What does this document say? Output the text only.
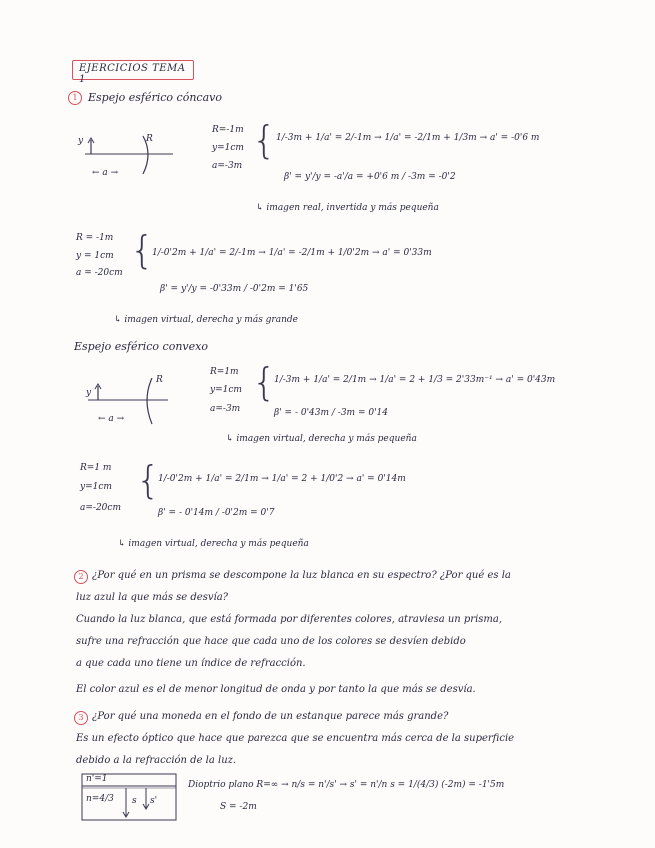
EJERCICIOS TEMA 1
1 Espejo esférico cóncavo
R=-1m
y=1cm
a=-3m
{ 1/-3m + 1/a' = 2/-1m → 1/a' = -2/1m + 1/3m → a' = -0'6 m
β' = y'/y = -a'/a = +0'6 m / -3m = -0'2
↳ imagen real, invertida y más pequeña
y
← a →
R
R = -1m
y = 1cm
a = -20cm
{
1/-0'2m + 1/a' = 2/-1m → 1/a' = -2/1m + 1/0'2m → a' = 0'33m
β' = y'/y = -0'33m / -0'2m = 1'65
↳ imagen virtual, derecha y más grande
Espejo esférico convexo
R=1m
y=1cm
a=-3m
{
1/-3m + 1/a' = 2/1m → 1/a' = 2 + 1/3 = 2'33m⁻¹ → a' = 0'43m
β' = - 0'43m / -3m = 0'14
↳ imagen virtual, derecha y más pequeña
y
← a →
R
R=1 m
y=1cm
a=-20cm
{
1/-0'2m + 1/a' = 2/1m → 1/a' = 2 + 1/0'2 → a' = 0'14m
β' = - 0'14m / -0'2m = 0'7
↳ imagen virtual, derecha y más pequeña
2 ¿Por qué en un prisma se descompone la luz blanca en su espectro? ¿Por qué es la
luz azul la que más se desvía?
Cuando la luz blanca, que está formada por diferentes colores, atraviesa un prisma,
sufre una refracción que hace que cada uno de los colores se desvíen debido
a que cada uno tiene un índice de refracción.
El color azul es el de menor longitud de onda y por tanto la que más se desvía.
3 ¿Por qué una moneda en el fondo de un estanque parece más grande?
Es un efecto óptico que hace que parezca que se encuentra más cerca de la superficie
debido a la refracción de la luz.
n'=1
n=4/3 s s'
Dioptrio plano R=∞ → n/s = n'/s' → s' = n'/n s = 1/(4/3) (-2m) = -1'5m
S = -2m
